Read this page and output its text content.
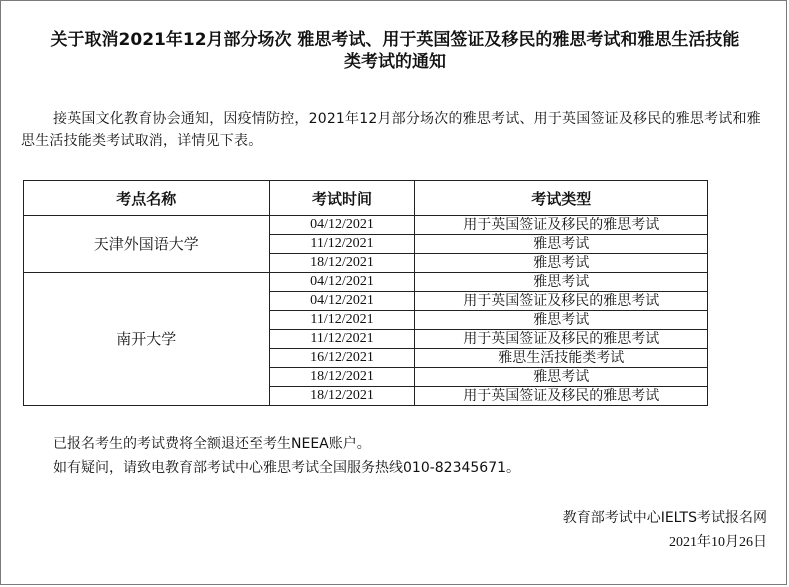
关于取消2021年12月部分场次 雅思考试、用于英国签证及移民的雅思考试和雅思生活技能
类考试的通知
接英国文化教育协会通知，因疫情防控，2021年12月部分场次的雅思考试、用于英国签证及移民的雅思考试和雅思生活技能类考试取消，详情见下表。
考点名称	考试时间	考试类型
天津外国语大学	04/12/2021	用于英国签证及移民的雅思考试
	11/12/2021	雅思考试
	18/12/2021	雅思考试
南开大学	04/12/2021	雅思考试
	04/12/2021	用于英国签证及移民的雅思考试
	11/12/2021	雅思考试
	11/12/2021	用于英国签证及移民的雅思考试
	16/12/2021	雅思生活技能类考试
	18/12/2021	雅思考试
	18/12/2021	用于英国签证及移民的雅思考试
已报名考生的考试费将全额退还至考生NEEA账户。
如有疑问，请致电教育部考试中心雅思考试全国服务热线010-82345671。
教育部考试中心IELTS考试报名网
2021年10月26日
